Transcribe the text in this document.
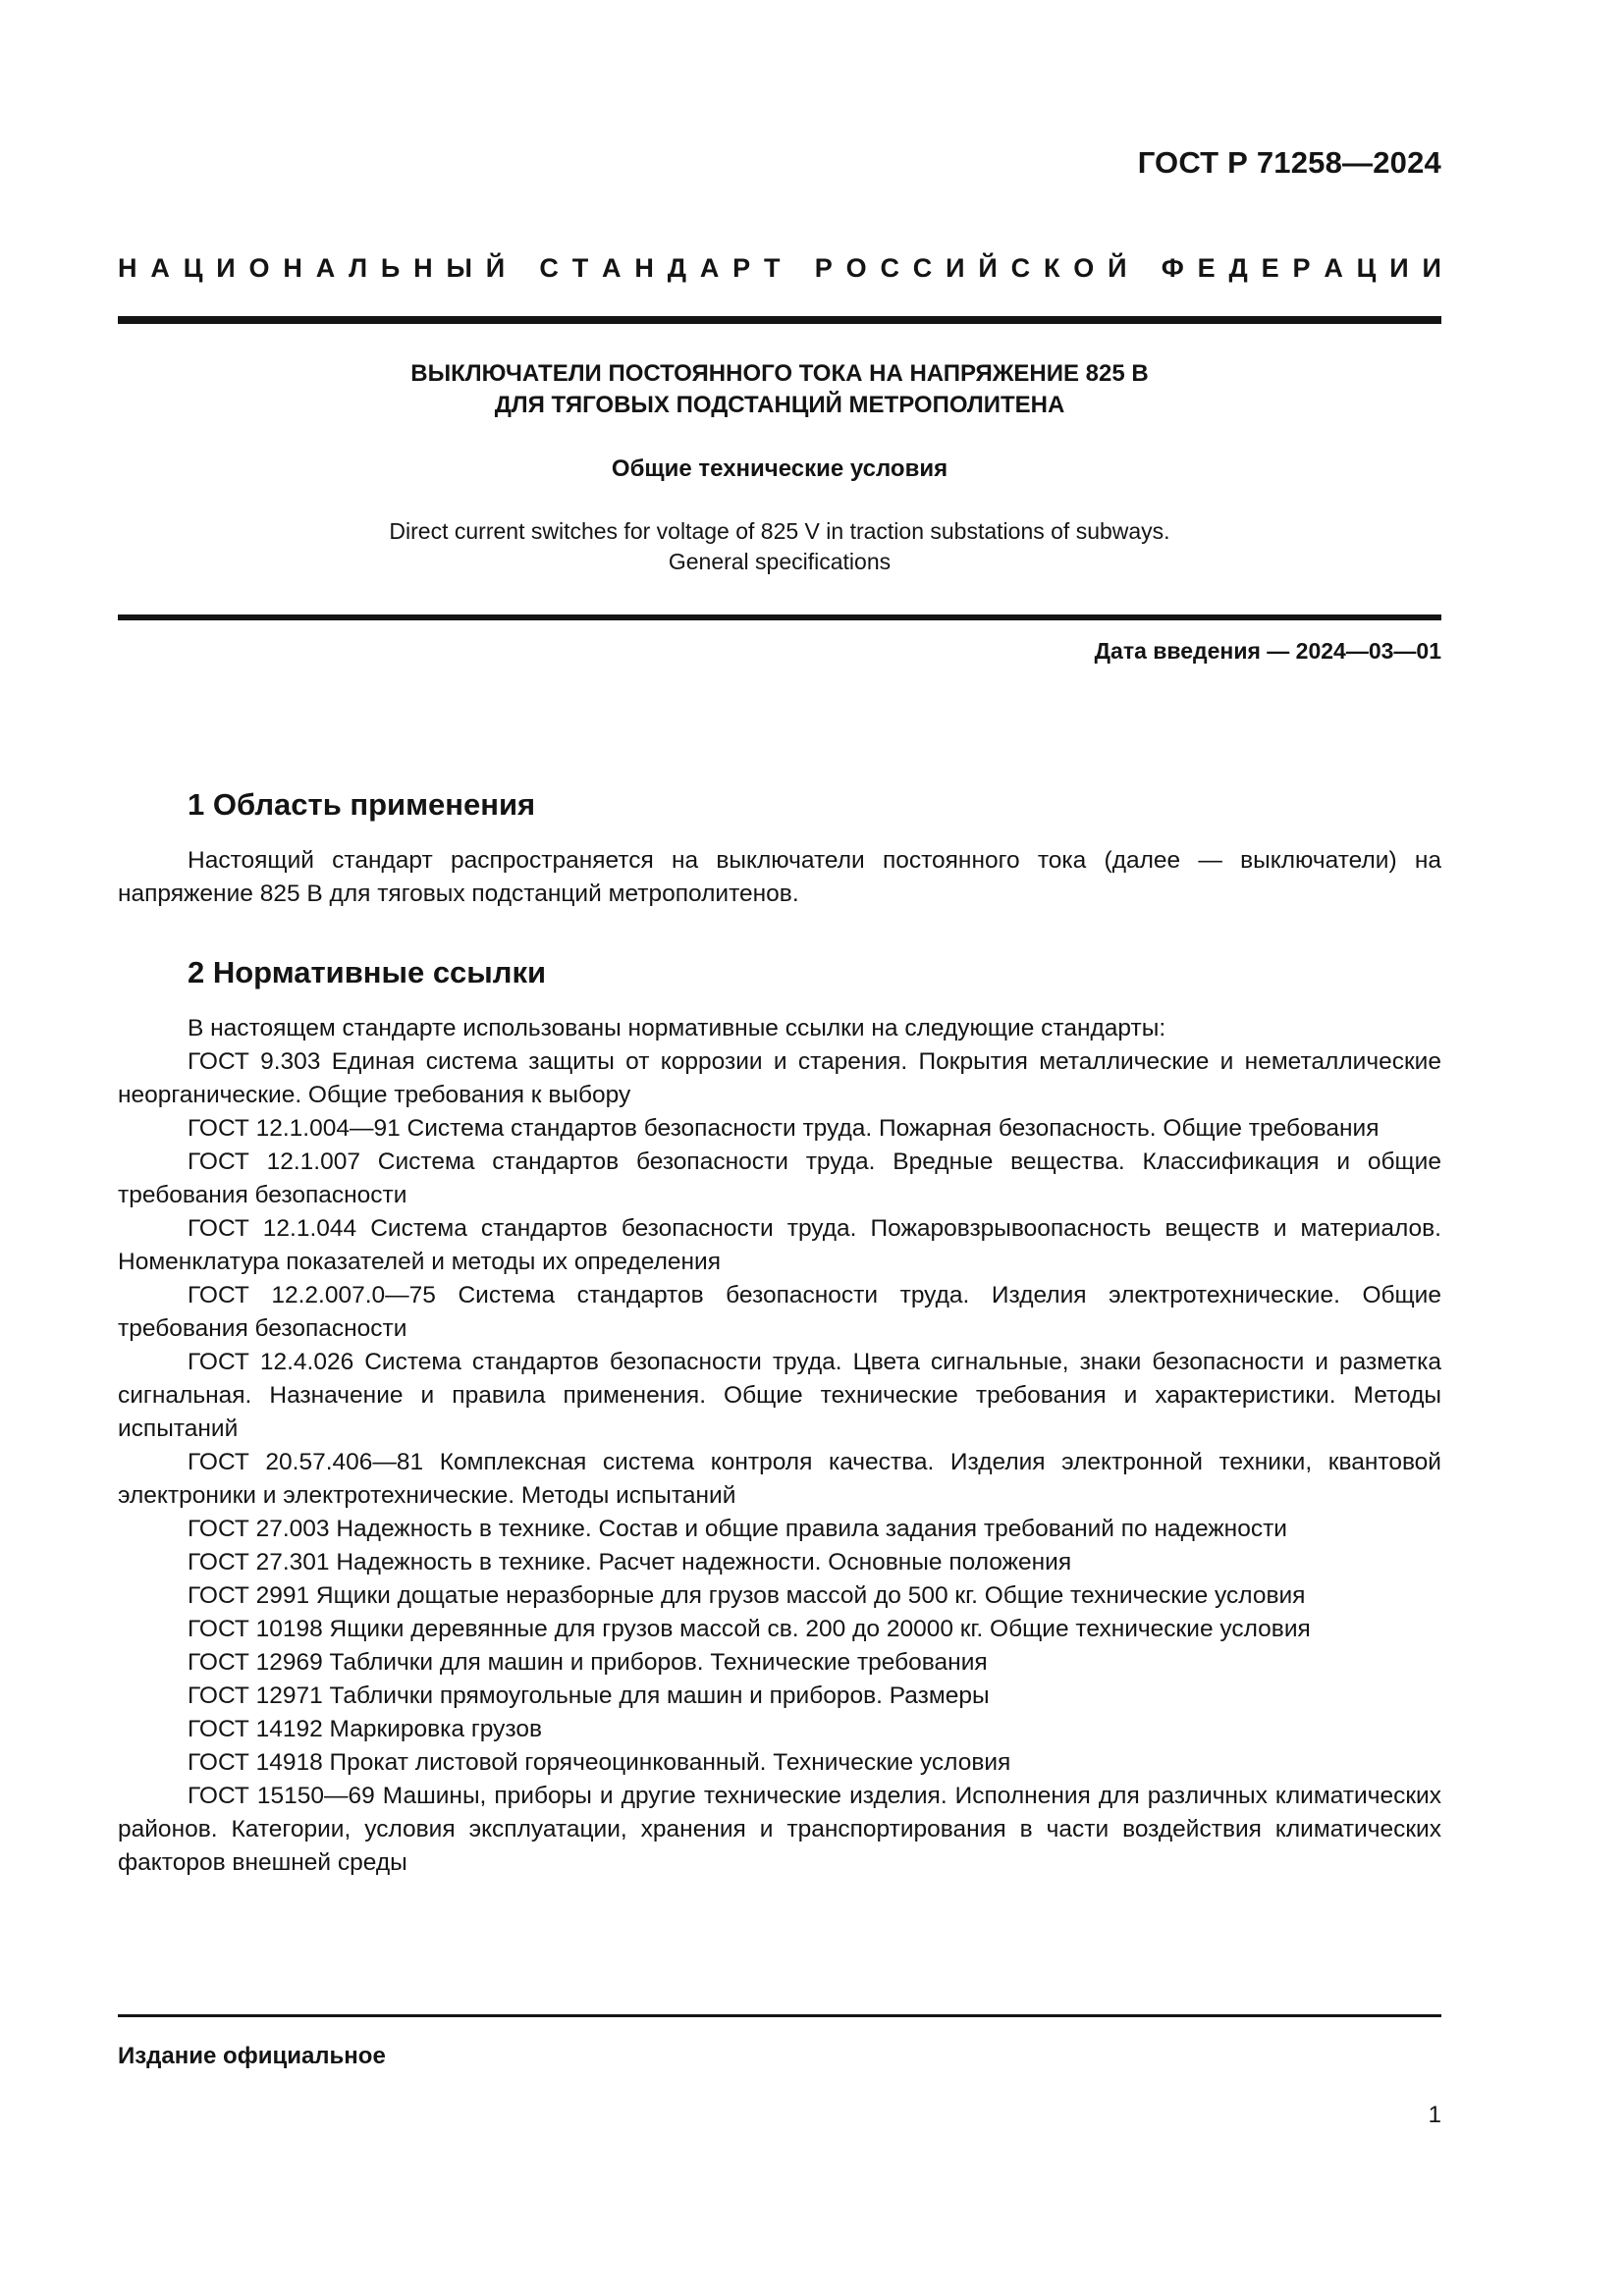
ГОСТ Р 71258—2024
Н А Ц И О Н А Л Ь Н Ы Й
С Т А Н Д А Р Т
Р О С С И Й С К О Й
Ф Е Д Е Р А Ц И И
ВЫКЛЮЧАТЕЛИ ПОСТОЯННОГО ТОКА НА НАПРЯЖЕНИЕ 825 В
ДЛЯ ТЯГОВЫХ ПОДСТАНЦИЙ МЕТРОПОЛИТЕНА
Общие технические условия
Direct current switches for voltage of 825 V in traction substations of subways.
General specifications
Дата введения — 2024—03—01
1 Область применения

Настоящий стандарт распространяется на выключатели постоянного тока (далее — выключатели) на напряжение 825 В для тяговых подстанций метрополитенов.

2 Нормативные ссылки

В настоящем стандарте использованы нормативные ссылки на следующие стандарты:

ГОСТ 9.303 Единая система защиты от коррозии и старения. Покрытия металлические и неметаллические неорганические. Общие требования к выбору

ГОСТ 12.1.004—91 Система стандартов безопасности труда. Пожарная безопасность. Общие требования

ГОСТ 12.1.007 Система стандартов безопасности труда. Вредные вещества. Классификация и общие требования безопасности

ГОСТ 12.1.044 Система стандартов безопасности труда. Пожаровзрывоопасность веществ и материалов. Номенклатура показателей и методы их определения

ГОСТ 12.2.007.0—75 Система стандартов безопасности труда. Изделия электротехнические. Общие требования безопасности

ГОСТ 12.4.026 Система стандартов безопасности труда. Цвета сигнальные, знаки безопасности и разметка сигнальная. Назначение и правила применения. Общие технические требования и характеристики. Методы испытаний

ГОСТ 20.57.406—81 Комплексная система контроля качества. Изделия электронной техники, квантовой электроники и электротехнические. Методы испытаний

ГОСТ 27.003 Надежность в технике. Состав и общие правила задания требований по надежности

ГОСТ 27.301 Надежность в технике. Расчет надежности. Основные положения

ГОСТ 2991 Ящики дощатые неразборные для грузов массой до 500 кг. Общие технические условия

ГОСТ 10198 Ящики деревянные для грузов массой св. 200 до 20000 кг. Общие технические условия

ГОСТ 12969 Таблички для машин и приборов. Технические требования

ГОСТ 12971 Таблички прямоугольные для машин и приборов. Размеры

ГОСТ 14192 Маркировка грузов

ГОСТ 14918 Прокат листовой горячеоцинкованный. Технические условия

ГОСТ 15150—69 Машины, приборы и другие технические изделия. Исполнения для различных климатических районов. Категории, условия эксплуатации, хранения и транспортирования в части воздействия климатических факторов внешней среды

Издание официальное
1
